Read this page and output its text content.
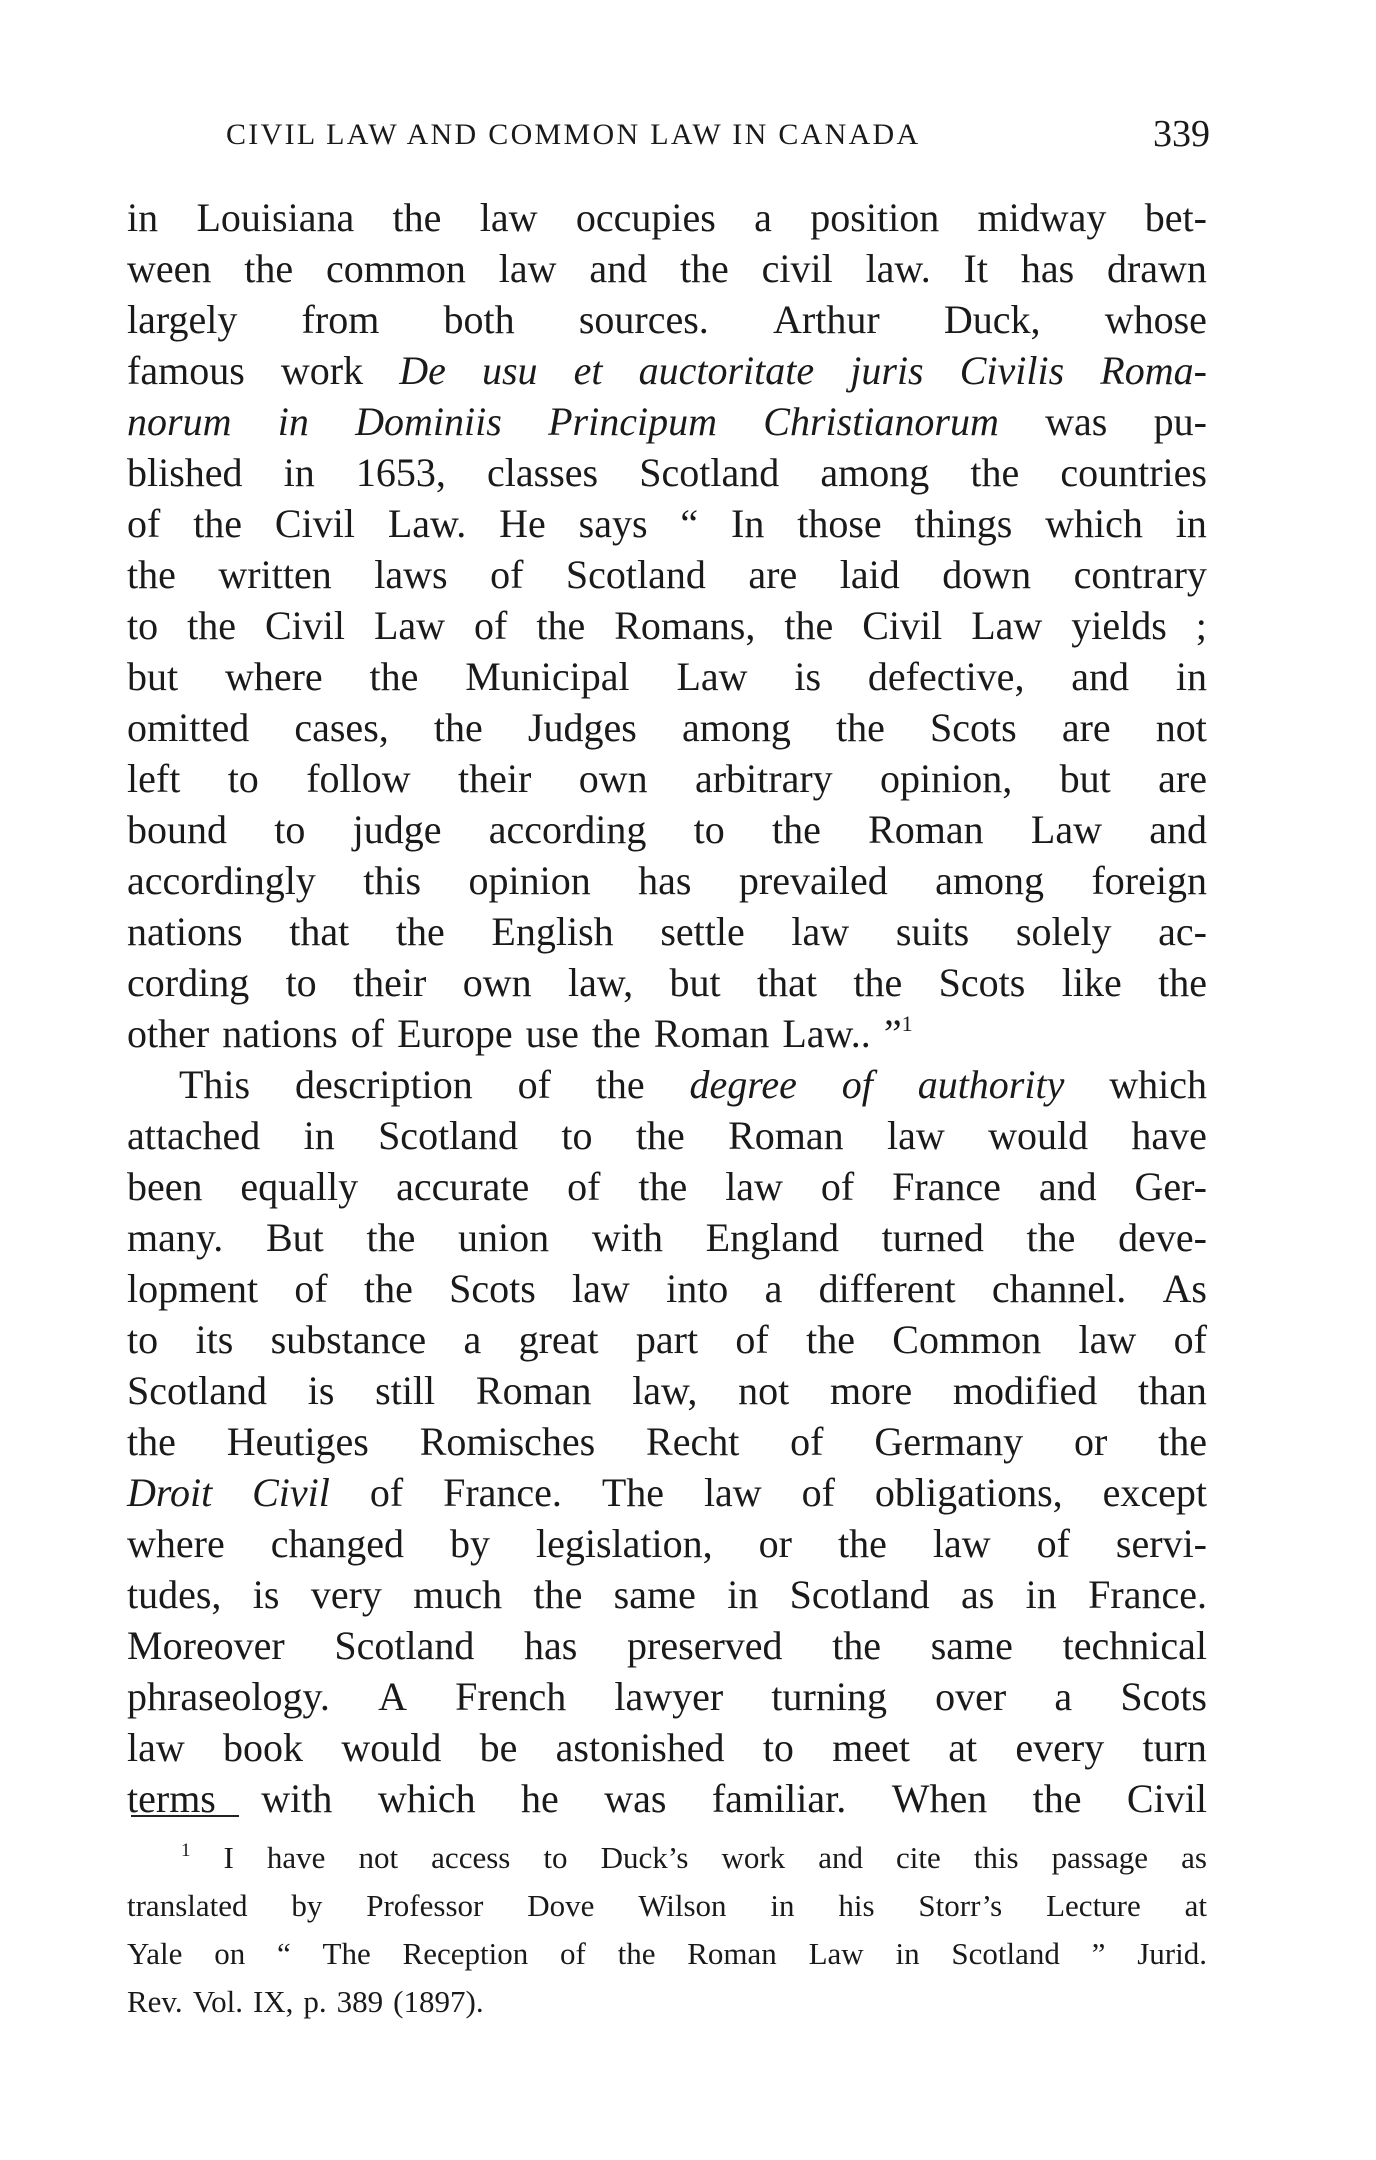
CIVIL LAW AND COMMON LAW IN CANADA	339
in Louisiana the law occupies a position midway bet-
ween the common law and the civil law. It has drawn
largely from both sources. Arthur Duck, whose
famous work De usu et auctoritate juris Civilis Roma-
norum in Dominiis Principum Christianorum was pu-
blished in 1653, classes Scotland among the countries
of the Civil Law. He says “ In those things which in
the written laws of Scotland are laid down contrary
to the Civil Law of the Romans, the Civil Law yields ;
but where the Municipal Law is defective, and in
omitted cases, the Judges among the Scots are not
left to follow their own arbitrary opinion, but are
bound to judge according to the Roman Law and
accordingly this opinion has prevailed among foreign
nations that the English settle law suits solely ac-
cording to their own law, but that the Scots like the
other nations of Europe use the Roman Law.. ”$^1$
This description of the degree of authority which
attached in Scotland to the Roman law would have
been equally accurate of the law of France and Ger-
many. But the union with England turned the deve-
lopment of the Scots law into a different channel. As
to its substance a great part of the Common law of
Scotland is still Roman law, not more modified than
the Heutiges Romisches Recht of Germany or the
Droit Civil of France. The law of obligations, except
where changed by legislation, or the law of servi-
tudes, is very much the same in Scotland as in France.
Moreover Scotland has preserved the same technical
phraseology. A French lawyer turning over a Scots
law book would be astonished to meet at every turn
terms with which he was familiar. When the Civil
$^1$ I have not access to Duck’s work and cite this passage as
translated by Professor Dove Wilson in his Storr’s Lecture at
Yale on “ The Reception of the Roman Law in Scotland ” Jurid.
Rev. Vol. IX, p. 389 (1897).
